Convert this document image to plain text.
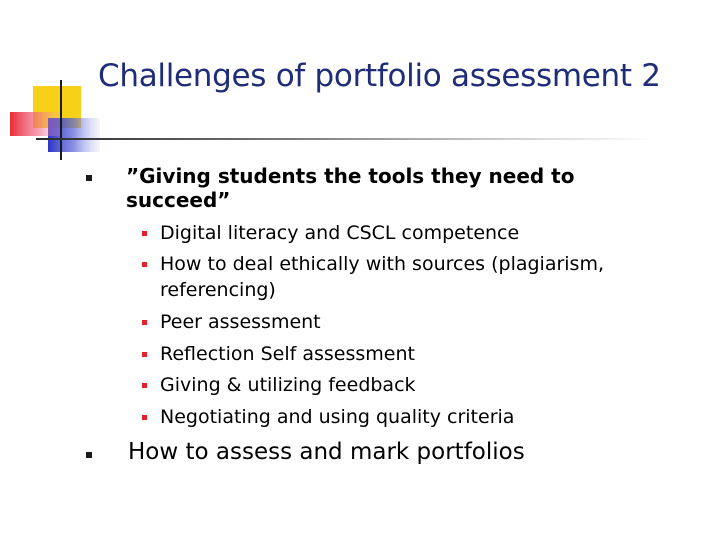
Challenges of portfolio assessment 2
”Giving students the tools they need to
succeed”
Digital literacy and CSCL competence
How to deal ethically with sources (plagiarism,
referencing)
Peer assessment
Reflection Self assessment
Giving & utilizing feedback
Negotiating and using quality criteria
How to assess and mark portfolios
